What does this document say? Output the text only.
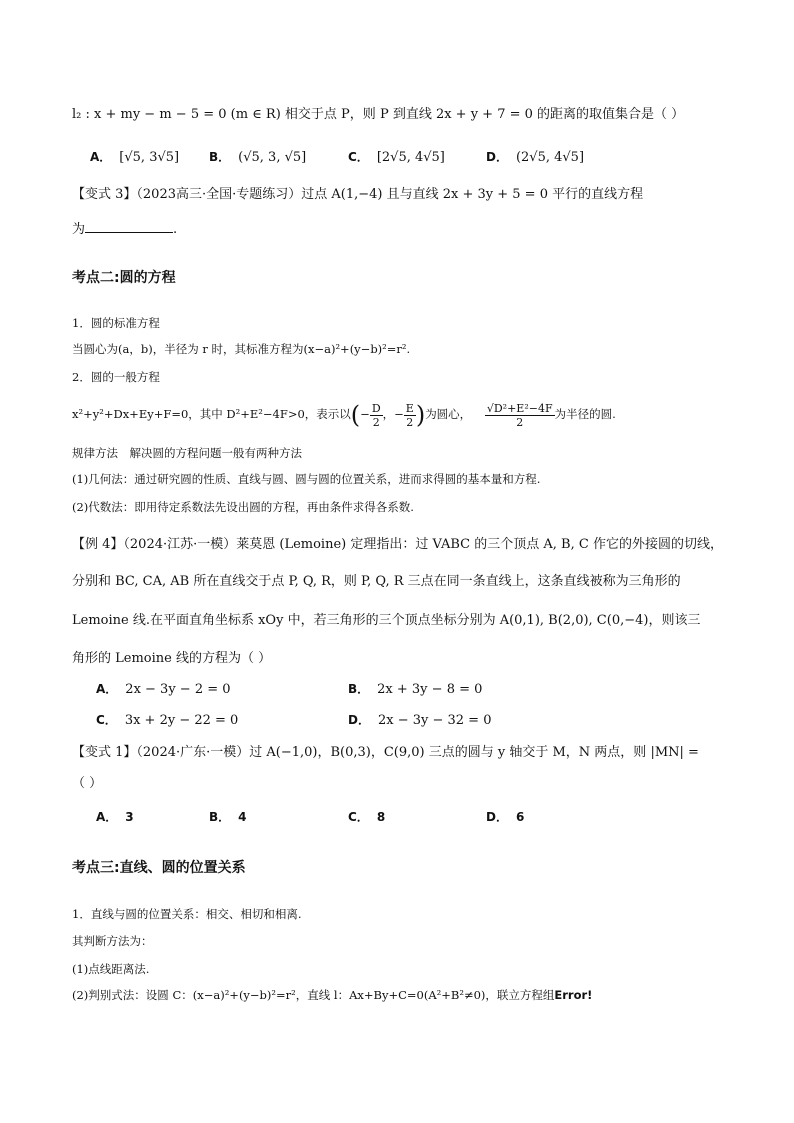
l₂ : x + my − m − 5 = 0 (m ∈ R) 相交于点 P，则 P 到直线 2x + y + 7 = 0 的距离的取值集合是（ ）
A． [√5, 3√5] B． (√5, 3, √5]	C． [2√5, 4√5]	D． (2√5, 4√5]
【变式 3】（2023高三·全国·专题练习）过点 A(1,−4) 且与直线 2x + 3y + 5 = 0 平行的直线方程
为	.
考点二:圆的方程
1．圆的标准方程
当圆心为(a，b)，半径为 r 时，其标准方程为(x−a)²+(y−b)²=r².
2．圆的一般方程
x²+y²+Dx+Ey+F=0，其中 D²+E²−4F>0，表示以(− $\frac{D}{2}$ ，− $\frac{E}{2}$ )为圆心， $\frac{\text{√D²+E²−4F}}{2}$ 为半径的圆.
规律方法　解决圆的方程问题一般有两种方法
(1)几何法：通过研究圆的性质、直线与圆、圆与圆的位置关系，进而求得圆的基本量和方程.
(2)代数法：即用待定系数法先设出圆的方程，再由条件求得各系数.
【例 4】（2024·江苏·一模）莱莫恩 (Lemoine) 定理指出：过 VABC 的三个顶点 A, B, C 作它的外接圆的切线，
分别和 BC, CA, AB 所在直线交于点 P, Q, R，则 P, Q, R 三点在同一条直线上，这条直线被称为三角形的
Lemoine 线.在平面直角坐标系 xOy 中，若三角形的三个顶点坐标分别为 A(0,1), B(2,0), C(0,−4)，则该三
角形的 Lemoine 线的方程为（ ）
A． 2x − 3y − 2 = 0	B． 2x + 3y − 8 = 0
C． 3x + 2y − 22 = 0	D． 2x − 3y − 32 = 0
【变式 1】（2024·广东·一模）过 A(−1,0)，B(0,3)，C(9,0) 三点的圆与 y 轴交于 M，N 两点，则 |MN| =
（ ）
A． 3	B． 4	C． 8	D． 6
考点三:直线、圆的位置关系
1．直线与圆的位置关系：相交、相切和相离.
其判断方法为：
(1)点线距离法.
(2)判别式法：设圆 C：(x−a)²+(y−b)²=r²，直线 l：Ax+By+C=0(A²+B²≠0)，联立方程组Error!
